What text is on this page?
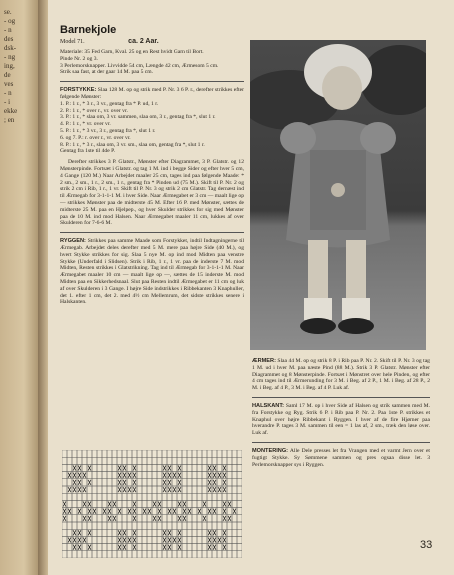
se.
- og
- n
des
dsk-
- ng
ing,
de
ves
- n
- i
ekke
; en
Barnekjole
Model 71.	ca. 2 Aar.
Materiale: 35 Fed Garn, Kval. 25 og en Rest hvidt Garn til Bort.
Pinde Nr. 2 og 3.
3 Perlemorsknapper. Livvidde 54 cm, Længde 42 cm, Ærmesom 5 cm.
Strik saa fast, at der gaar 14 M. paa 5 cm.

FORSTYKKE: Slaa 128 M. op og strik med P. Nr. 3 6 P. r., derefter strikkes efter følgende Mønster:

1. P.: 1 r., * 3 r., 3 vr., gentag fra * P. ud, 1 r.
2. P.: 1 r., * over r., vr. over vr.
3. P.: 1 r., * slaa om, 3 vr. sammen, slaa om, 3 r., gentag fra *, slut 1 r.
4. P.: 1 r., * vr. over vr.
5. P.: 1 r., * 3 vr., 3 r., gentag fra *, slut 1 r.
6. og 7. P.: r. over r., vr. over vr.
8. P.: 1 r., * 3 r., slaa om, 3 vr. sm., slaa om, gentag fra *, slut 1 r.
Gentag fra 1ste til 4de P.

Derefter strikkes 3 P. Glatstr., Mønster efter Diagrammet, 3 P. Glatstr. og 12 Mønsterpinde. Fortsæt i Glatstr. og tag 1 M. ind i begge Sider og efter hver 5 cm, 4 Gange (120 M.) Naar Arbejdet maaler 25 cm, tages ind paa følgende Maade: * 2 sm., 2 sm., 1 r., 2 sm., 1 r., gentag fra * Pinden ud (75 M.). Skift til P. Nr. 2 og strik 2 cm i Rib, 1 r., 1 vr. Skift til P. Nr. 3 og strik 2 cm Glatstr. Tag dernæst ind til Ærmegab for 3-1-1-1 M. i hver Side. Naar Ærmegabet er 3 cm — maalt lige op — strikkes Mønster paa de midterste 45 M. Efter 16 P. med Mønster, sættes de midterste 25 M. paa en Hjelpep., og hver Skulder strikkes for sig med Mønster paa de 10 M. ind mod Halsen. Naar Ærmegabet maaler 11 cm, lukkes af over Skulderen for 7-6-6 M.

RYGGEN: Strikkes paa samme Maade som Forstykket, indtil Indtagningerne til Ærmegab. Arbejdet deles derefter med 5 M. mere paa højre Side (40 M.), og hvert Stykke strikkes for sig. Slaa 5 nye M. op ind mod Midten paa venstre Stykke (Underfald i Slidsen). Strik i Rib, 1 r., 1 vr. paa de inderste 7 M. mod Midten, Resten strikkes i Glatstrikning. Tag ind til Ærmegab for 3-1-1-1 M. Naar Ærmegabet maaler 10 cm — maalt lige op —, sættes de 15 inderste M. mod Midten paa en Sikkerhedsnaal. Slut paa Resten indtil Ærmegabet er 11 cm og luk af over Skulderen i 3 Gange. I højre Side indstrikkes i Ribbekanten 3 Knaphuller, det 1. efter 1 cm, det 2. med 4½ cm Mellemrum, det sidste strikkes senere i Halskanten.

ÆRMER: Slaa 44 M. op og strik 8 P. i Rib paa P. Nr. 2. Skift til P. Nr. 3 og tag 1 M. ud i hver M. paa næste Pind (88 M.). Strik 3 P. Glatstr. Mønster efter Diagrammet og 8 Mønsterpinde. Fortsæt i Mønstret over hele Pinden, og efter 4 cm tages ind til Ærmerunding for 3 M. i Beg. af 2 P., 1 M. i Beg. af 28 P., 2 M. i Beg. af 4 P., 3 M. i Beg. af 4 P. Luk af.

HALSKANT: Saml 17 M. op i hver Side af Halsen og strik sammen med M. fra Forstykke og Ryg. Strik 6 P. i Rib paa P. Nr. 2. Paa 1ste P. strikkes et Knaphul over højre Ribbekant i Ryggen. I hver af de fire Hjørner paa hverandre P. tages 3 M. sammen til een = 1 las af, 2 sm., træk den løse over. Luk af.

MONTERING: Alle Dele presses let fra Vrangen med et varmt Jern over et fugtigt Stykke. Sy Sømmene sammen og pres ogsaa disse let. 3 Perlemorsknapper sys i Ryggen.

33
